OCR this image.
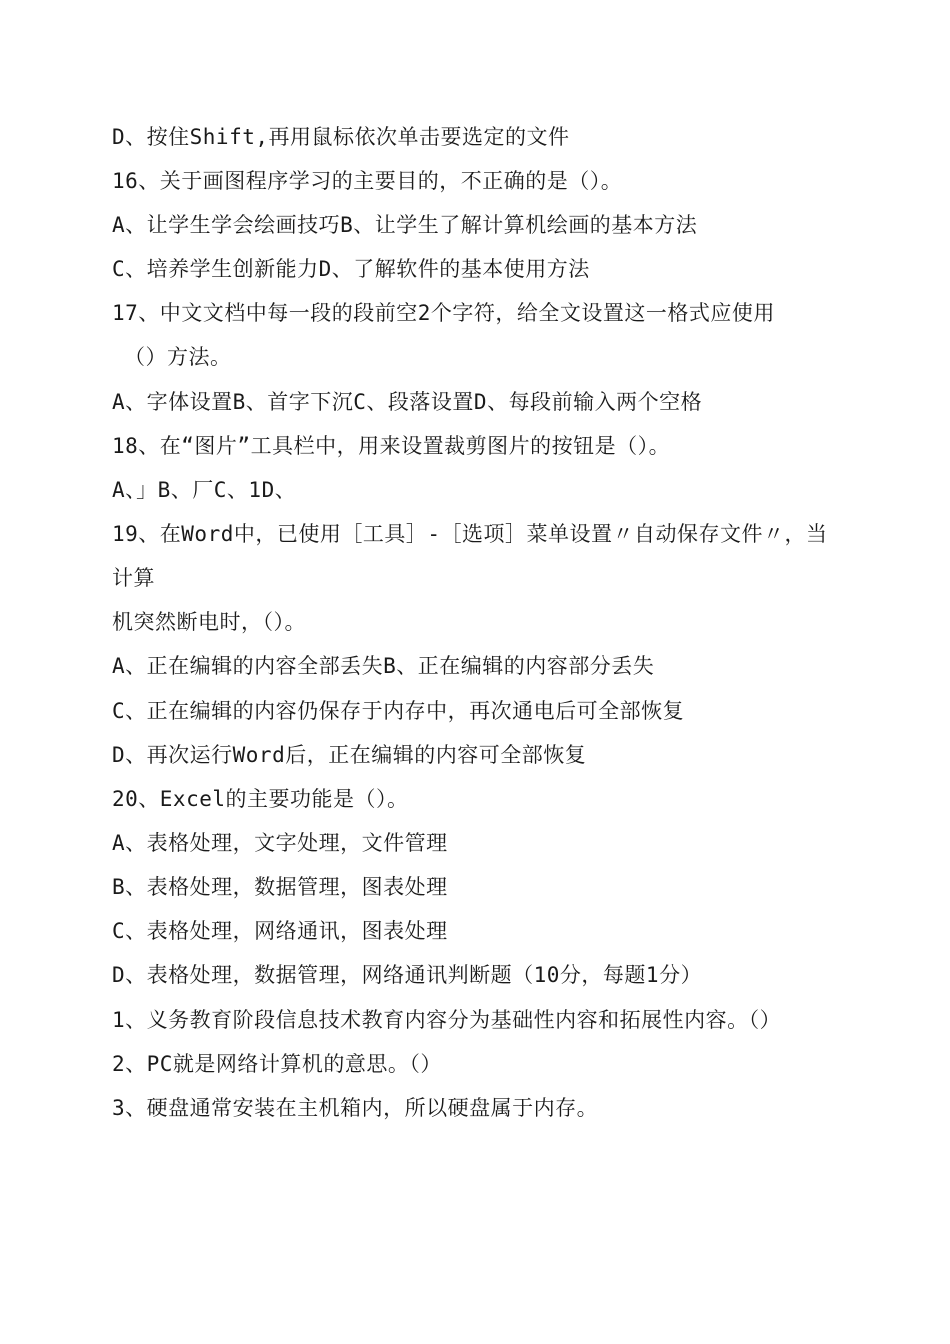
D、按住Shift,再用鼠标依次单击要选定的文件
16、关于画图程序学习的主要目的，不正确的是（）。
A、让学生学会绘画技巧B、让学生了解计算机绘画的基本方法
C、培养学生创新能力D、了解软件的基本使用方法
17、中文文档中每一段的段前空2个字符，给全文设置这一格式应使用
（）方法。
A、字体设置B、首字下沉C、段落设置D、每段前输入两个空格
18、在“图片”工具栏中，用来设置裁剪图片的按钮是（）。
A、」B、厂C、1D、
19、在Word中，已使用［工具］-［选项］菜单设置〃自动保存文件〃，当
计算
机突然断电时，（）。
A、正在编辑的内容全部丢失B、正在编辑的内容部分丢失
C、正在编辑的内容仍保存于内存中，再次通电后可全部恢复
D、再次运行Word后，正在编辑的内容可全部恢复
20、Excel的主要功能是（）。
A、表格处理，文字处理，文件管理
B、表格处理，数据管理，图表处理
C、表格处理，网络通讯，图表处理
D、表格处理，数据管理，网络通讯判断题（10分，每题1分）
1、义务教育阶段信息技术教育内容分为基础性内容和拓展性内容。（）
2、PC就是网络计算机的意思。（）
3、硬盘通常安装在主机箱内，所以硬盘属于内存。
